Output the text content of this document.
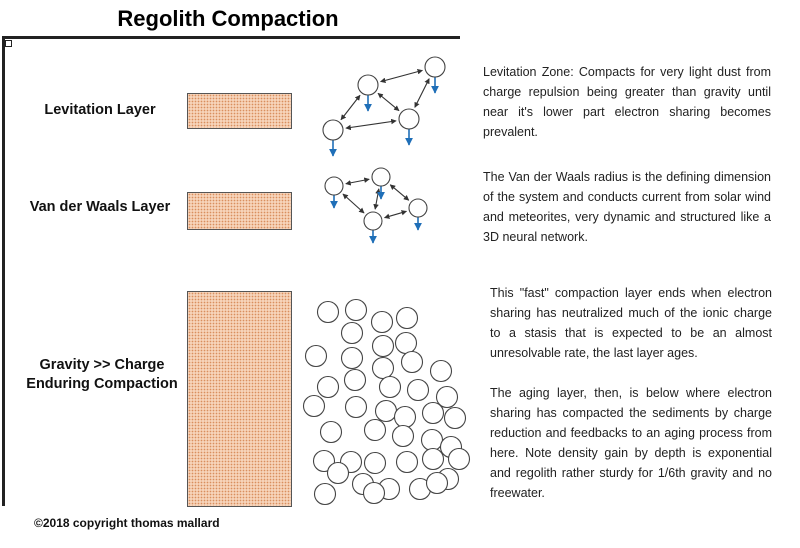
Regolith Compaction
Levitation Layer
Van der Waals Layer
Gravity >> Charge
Enduring Compaction
Levitation Zone: Compacts for very light dust from charge repulsion being greater than gravity until near it's lower part electron sharing becomes prevalent.
The Van der Waals radius is the defining dimension of the system and conducts current from solar wind and meteorites, very dynamic and structured like a 3D neural network.
This "fast" compaction layer ends when electron sharing has neutralized much of the ionic charge to a stasis that is expected to be an almost unresolvable rate, the last layer ages.
The aging layer, then, is below where electron sharing has compacted the sediments by charge reduction and feedbacks to an aging process from here. Note density gain by depth is exponential and regolith rather sturdy for 1/6th gravity and no freewater.
©2018 copyright thomas mallard
